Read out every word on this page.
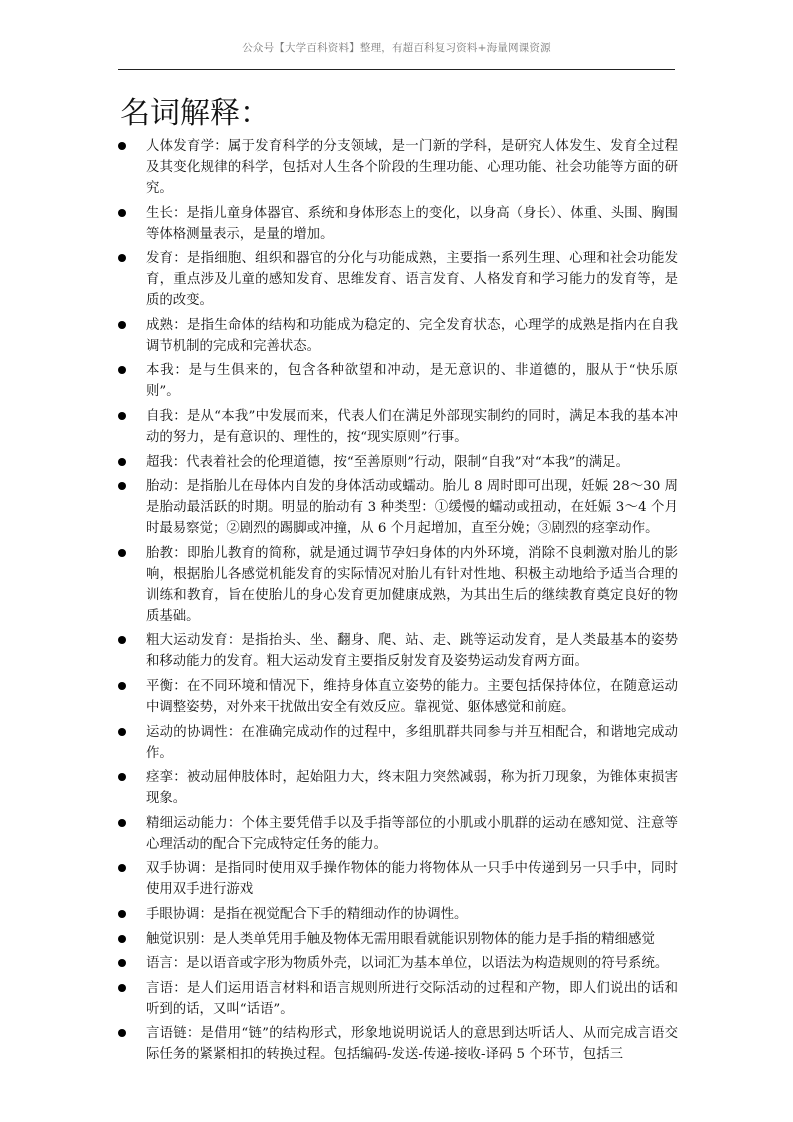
公众号【大学百科资料】整理，有超百科复习资料+海量网课资源
名词解释：
人体发育学：属于发育科学的分支领域，是一门新的学科，是研究人体发生、发育全过程及其变化规律的科学，包括对人生各个阶段的生理功能、心理功能、社会功能等方面的研究。
生长：是指儿童身体器官、系统和身体形态上的变化，以身高（身长）、体重、头围、胸围等体格测量表示，是量的增加。
发育：是指细胞、组织和器官的分化与功能成熟，主要指一系列生理、心理和社会功能发育，重点涉及儿童的感知发育、思维发育、语言发育、人格发育和学习能力的发育等，是质的改变。
成熟：是指生命体的结构和功能成为稳定的、完全发育状态，心理学的成熟是指内在自我调节机制的完成和完善状态。
本我：是与生俱来的，包含各种欲望和冲动，是无意识的、非道德的，服从于“快乐原则”。
自我：是从“本我”中发展而来，代表人们在满足外部现实制约的同时，满足本我的基本冲动的努力，是有意识的、理性的，按“现实原则”行事。
超我：代表着社会的伦理道德，按“至善原则”行动，限制“自我”对“本我”的满足。
胎动：是指胎儿在母体内自发的身体活动或蠕动。胎儿 8 周时即可出现，妊娠 28～30 周是胎动最活跃的时期。明显的胎动有 3 种类型：①缓慢的蠕动或扭动，在妊娠 3～4 个月时最易察觉；②剧烈的踢脚或冲撞，从 6 个月起增加，直至分娩；③剧烈的痉挛动作。
胎教：即胎儿教育的简称，就是通过调节孕妇身体的内外环境，消除不良刺激对胎儿的影响，根据胎儿各感觉机能发育的实际情况对胎儿有针对性地、积极主动地给予适当合理的训练和教育，旨在使胎儿的身心发育更加健康成熟，为其出生后的继续教育奠定良好的物质基础。
粗大运动发育：是指抬头、坐、翻身、爬、站、走、跳等运动发育，是人类最基本的姿势和移动能力的发育。粗大运动发育主要指反射发育及姿势运动发育两方面。
平衡：在不同环境和情况下，维持身体直立姿势的能力。主要包括保持体位，在随意运动中调整姿势，对外来干扰做出安全有效反应。靠视觉、躯体感觉和前庭。
运动的协调性：在准确完成动作的过程中，多组肌群共同参与并互相配合，和谐地完成动作。
痉挛：被动屈伸肢体时，起始阻力大，终末阻力突然减弱，称为折刀现象，为锥体束损害现象。
精细运动能力：个体主要凭借手以及手指等部位的小肌或小肌群的运动在感知觉、注意等心理活动的配合下完成特定任务的能力。
双手协调：是指同时使用双手操作物体的能力将物体从一只手中传递到另一只手中，同时使用双手进行游戏
手眼协调：是指在视觉配合下手的精细动作的协调性。
触觉识别：是人类单凭用手触及物体无需用眼看就能识别物体的能力是手指的精细感觉
语言：是以语音或字形为物质外壳，以词汇为基本单位，以语法为构造规则的符号系统。
言语：是人们运用语言材料和语言规则所进行交际活动的过程和产物，即人们说出的话和听到的话，又叫“话语”。
言语链：是借用“链”的结构形式，形象地说明说话人的意思到达听话人、从而完成言语交际任务的紧紧相扣的转换过程。包括编码-发送-传递-接收-译码 5 个环节，包括三
